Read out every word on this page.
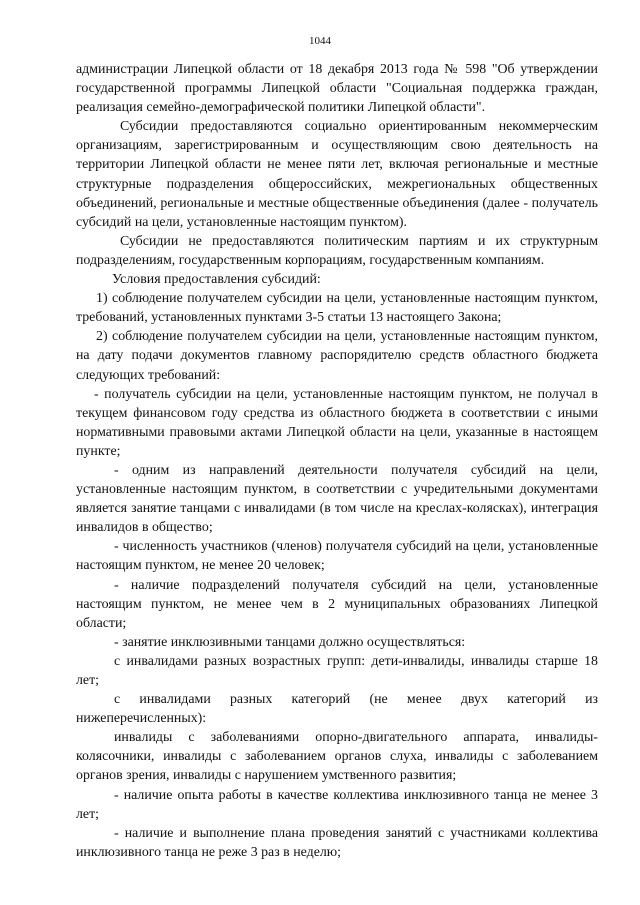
1044

администрации Липецкой области от 18 декабря 2013 года № 598 "Об утверждении государственной программы Липецкой области "Социальная поддержка граждан, реализация семейно-демографической политики Липецкой области".

Субсидии предоставляются социально ориентированным некоммерческим организациям, зарегистрированным и осуществляющим свою деятельность на территории Липецкой области не менее пяти лет, включая региональные и местные структурные подразделения общероссийских, межрегиональных общественных объединений, региональные и местные общественные объединения (далее - получатель субсидий на цели, установленные настоящим пунктом).

Субсидии не предоставляются политическим партиям и их структурным подразделениям, государственным корпорациям, государственным компаниям.

Условия предоставления субсидий:

1) соблюдение получателем субсидии на цели, установленные настоящим пунктом, требований, установленных пунктами 3-5 статьи 13 настоящего Закона;

2) соблюдение получателем субсидии на цели, установленные настоящим пунктом, на дату подачи документов главному распорядителю средств областного бюджета следующих требований:

- получатель субсидии на цели, установленные настоящим пунктом, не получал в текущем финансовом году средства из областного бюджета в соответствии с иными нормативными правовыми актами Липецкой области на цели, указанные в настоящем пункте;

- одним из направлений деятельности получателя субсидий на цели, установленные настоящим пунктом, в соответствии с учредительными документами является занятие танцами с инвалидами (в том числе на креслах-колясках), интеграция инвалидов в общество;

- численность участников (членов) получателя субсидий на цели, установленные настоящим пунктом, не менее 20 человек;

- наличие подразделений получателя субсидий на цели, установленные настоящим пунктом, не менее чем в 2 муниципальных образованиях Липецкой области;

- занятие инклюзивными танцами должно осуществляться:

с инвалидами разных возрастных групп: дети-инвалиды, инвалиды старше 18 лет;

с инвалидами разных категорий (не менее двух категорий из нижеперечисленных):

инвалиды с заболеваниями опорно-двигательного аппарата, инвалиды-колясочники, инвалиды с заболеванием органов слуха, инвалиды с заболеванием органов зрения, инвалиды с нарушением умственного развития;

- наличие опыта работы в качестве коллектива инклюзивного танца не менее 3 лет;

- наличие и выполнение плана проведения занятий с участниками коллектива инклюзивного танца не реже 3 раз в неделю;
